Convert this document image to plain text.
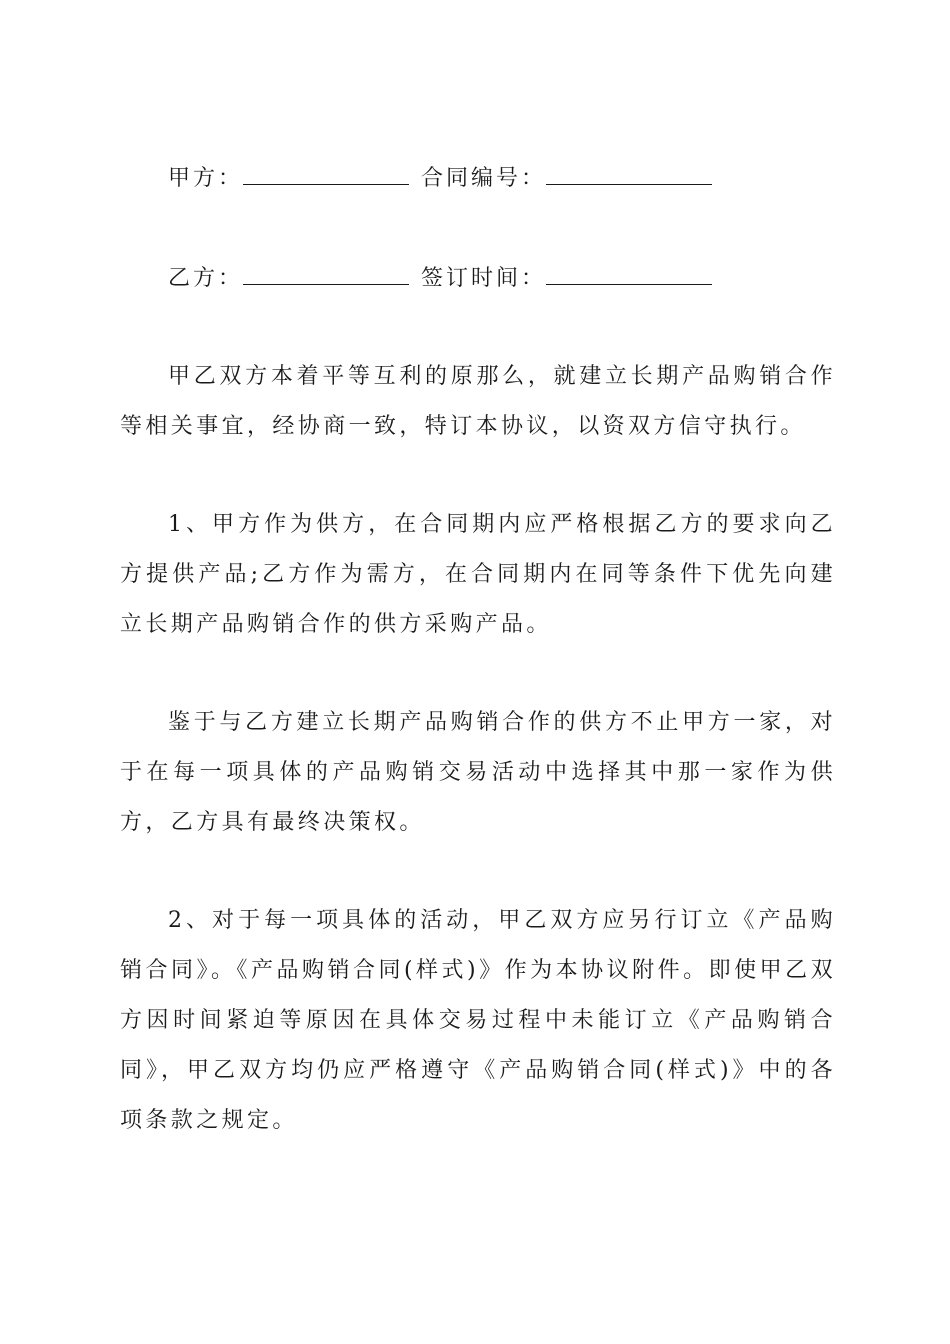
甲方：	合同编号：
乙方：	签订时间：

甲乙双方本着平等互利的原那么，就建立长期产品购销合作等相关事宜，经协商一致，特订本协议，以资双方信守执行。

1、甲方作为供方，在合同期内应严格根据乙方的要求向乙方提供产品;乙方作为需方，在合同期内在同等条件下优先向建立长期产品购销合作的供方采购产品。

鉴于与乙方建立长期产品购销合作的供方不止甲方一家，对于在每一项具体的产品购销交易活动中选择其中那一家作为供方，乙方具有最终决策权。

2、对于每一项具体的活动，甲乙双方应另行订立《产品购销合同》。《产品购销合同(样式)》作为本协议附件。即使甲乙双方因时间紧迫等原因在具体交易过程中未能订立《产品购销合同》，甲乙双方均仍应严格遵守《产品购销合同(样式)》中的各项条款之规定。
